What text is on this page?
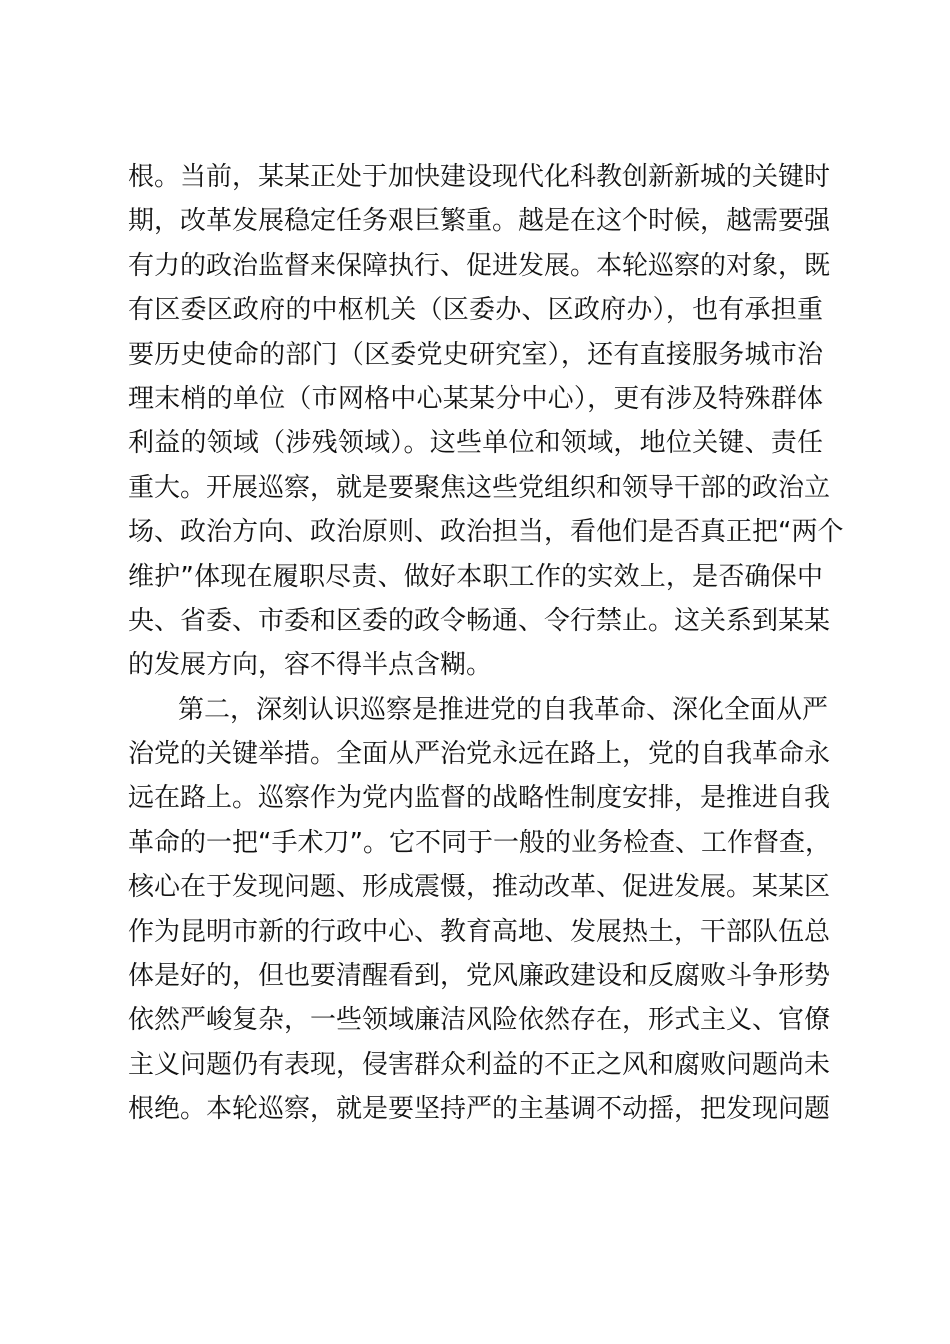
根。当前，某某正处于加快建设现代化科教创新新城的关键时
期，改革发展稳定任务艰巨繁重。越是在这个时候，越需要强
有力的政治监督来保障执行、促进发展。本轮巡察的对象，既
有区委区政府的中枢机关（区委办、区政府办），也有承担重
要历史使命的部门（区委党史研究室），还有直接服务城市治
理末梢的单位（市网格中心某某分中心），更有涉及特殊群体
利益的领域（涉残领域）。这些单位和领域，地位关键、责任
重大。开展巡察，就是要聚焦这些党组织和领导干部的政治立
场、政治方向、政治原则、政治担当，看他们是否真正把“两个
维护”体现在履职尽责、做好本职工作的实效上，是否确保中
央、省委、市委和区委的政令畅通、令行禁止。这关系到某某
的发展方向，容不得半点含糊。
第二，深刻认识巡察是推进党的自我革命、深化全面从严
治党的关键举措。全面从严治党永远在路上，党的自我革命永
远在路上。巡察作为党内监督的战略性制度安排，是推进自我
革命的一把“手术刀”。它不同于一般的业务检查、工作督查，
核心在于发现问题、形成震慑，推动改革、促进发展。某某区
作为昆明市新的行政中心、教育高地、发展热土，干部队伍总
体是好的，但也要清醒看到，党风廉政建设和反腐败斗争形势
依然严峻复杂，一些领域廉洁风险依然存在，形式主义、官僚
主义问题仍有表现，侵害群众利益的不正之风和腐败问题尚未
根绝。本轮巡察，就是要坚持严的主基调不动摇，把发现问题
